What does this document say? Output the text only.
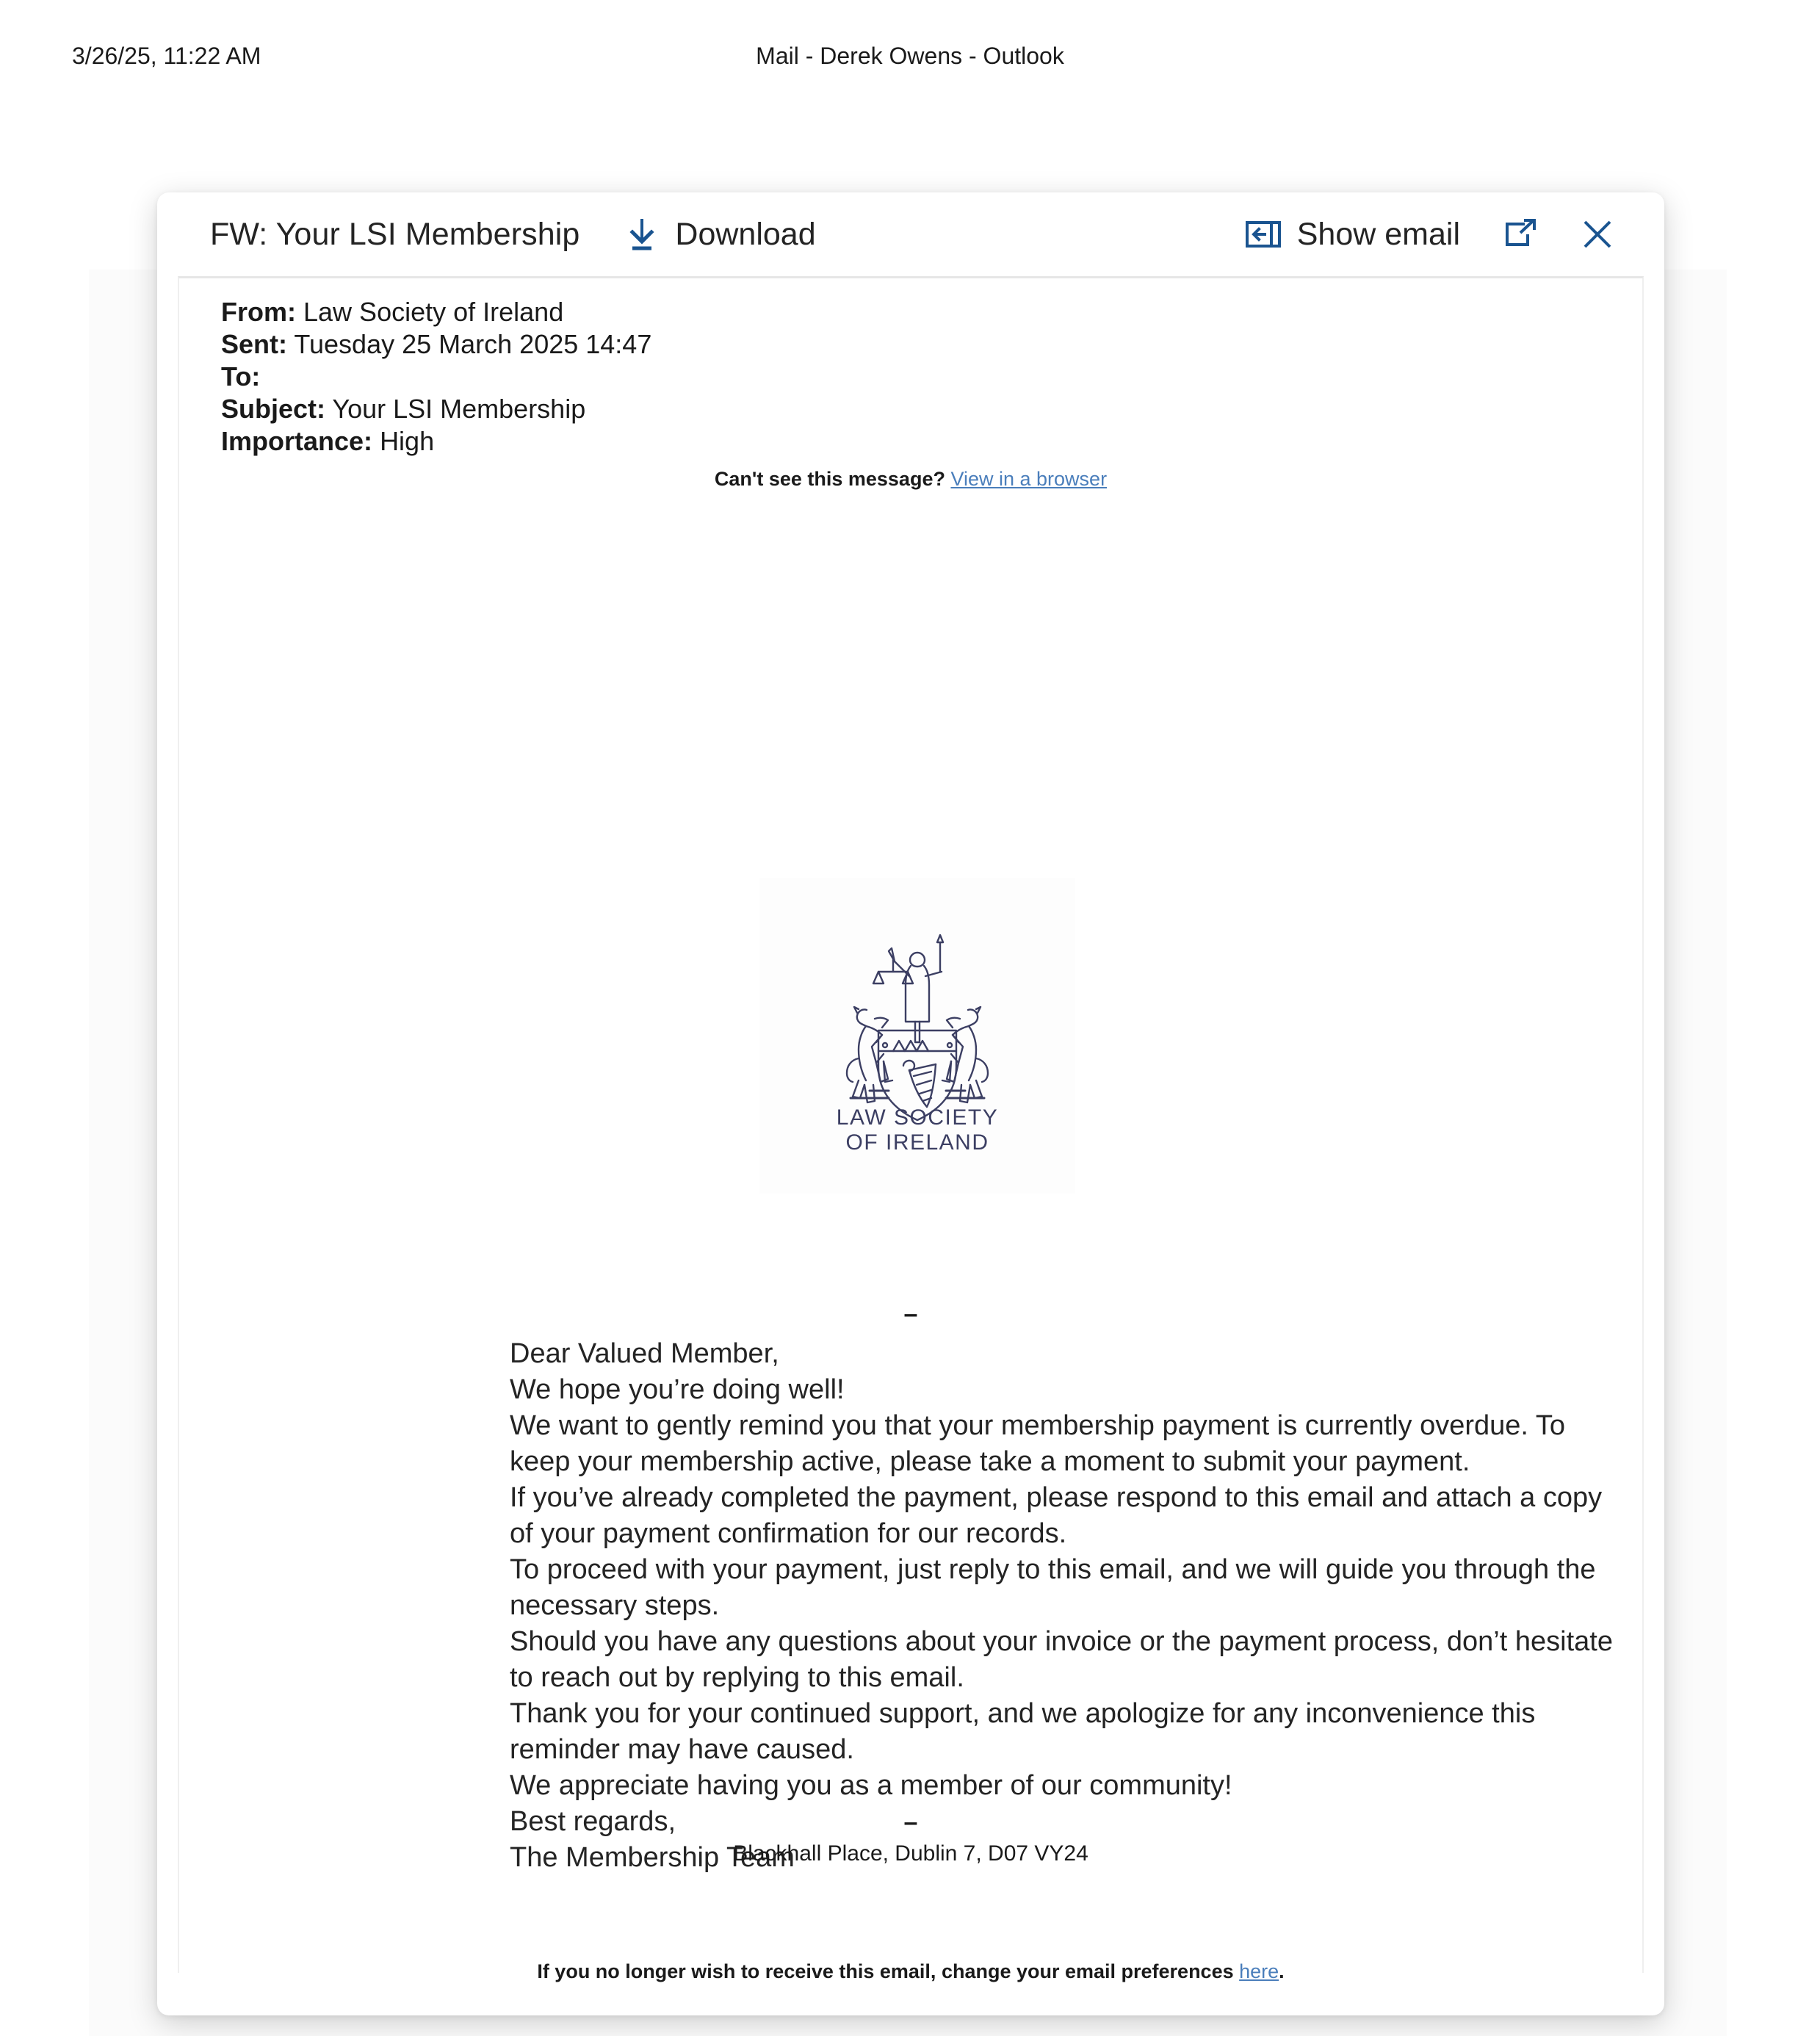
3/26/25, 11:22 AM	Mail - Derek Owens - Outlook
FW: Your LSI Membership	Download	Show email
From: Law Society of Ireland
Sent: Tuesday 25 March 2025 14:47
To:
Subject: Your LSI Membership
Importance: High
Can't see this message? View in a browser
LAW SOCIETY
OF IRELAND
–

Dear Valued Member,

We hope you’re doing well!

We want to gently remind you that your membership payment is currently overdue. To keep your membership active, please take a moment to submit your payment.

If you’ve already completed the payment, please respond to this email and attach a copy of your payment confirmation for our records.

To proceed with your payment, just reply to this email, and we will guide you through the necessary steps.

Should you have any questions about your invoice or the payment process, don’t hesitate to reach out by replying to this email.

Thank you for your continued support, and we apologize for any inconvenience this reminder may have caused.

We appreciate having you as a member of our community!

Best regards,

The Membership Team

–
Blackhall Place, Dublin 7, D07 VY24
If you no longer wish to receive this email, change your email preferences here.
